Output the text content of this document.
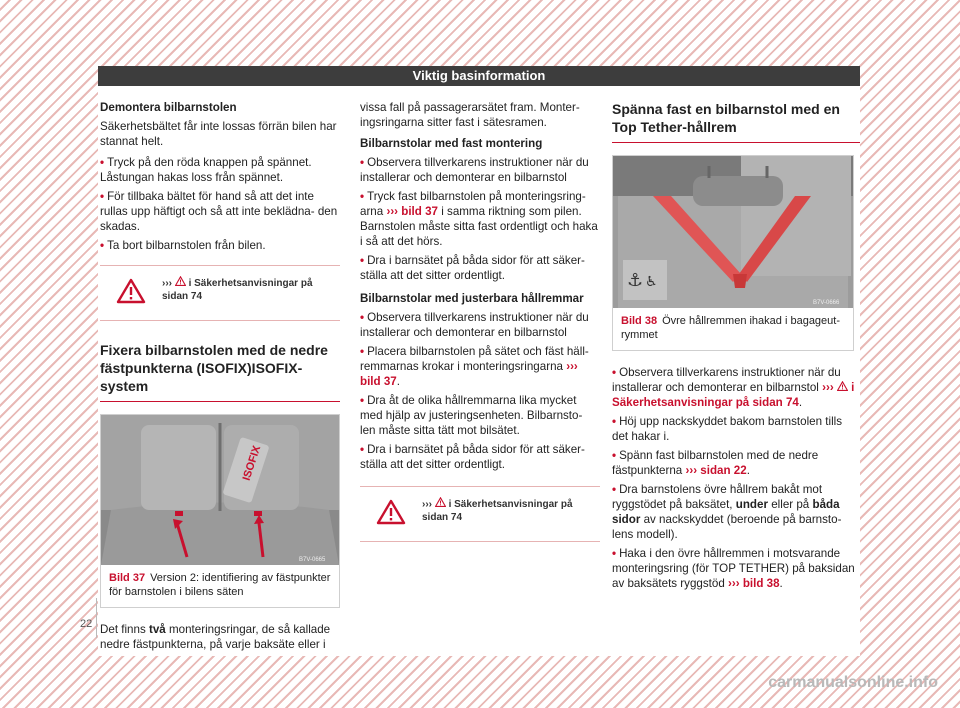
Viktig basinformation

Demontera bilbarnstolen

Säkerhetsbältet får inte lossas förrän bilen har stannat helt.

• Tryck på den röda knappen på spännet. Låstungan hakas loss från spännet.

• För tillbaka bältet för hand så att det inte rullas upp häftigt och så att inte beklädna- den skadas.

• Ta bort bilbarnstolen från bilen.

››› i Säkerhetsanvisningar på sidan 74
Fixera bilbarnstolen med de nedre fästpunkterna (ISOFIX)ISOFIX-system
ISOFIX
B7V-0665
Bild 37 Version 2: identifiering av fästpunkter för barnstolen i bilens säten

Det finns två monteringsringar, de så kallade nedre fästpunkterna, på varje baksäte eller i

vissa fall på passagerarsätet fram. Monter- ingsringarna sitter fast i sätesramen.

Bilbarnstolar med fast montering

• Observera tillverkarens instruktioner när du installerar och demonterar en bilbarnstol

• Tryck fast bilbarnstolen på monteringsring- arna ››› bild 37 i samma riktning som pilen. Barnstolen måste sitta fast ordentligt och haka i så att det hörs.

• Dra i barnsätet på båda sidor för att säker- ställa att det sitter ordentligt.

Bilbarnstolar med justerbara hållremmar

• Observera tillverkarens instruktioner när du installerar och demonterar en bilbarnstol

• Placera bilbarnstolen på sätet och fäst häll- remmarnas krokar i monteringsringarna ››› bild 37.

• Dra åt de olika hållremmarna lika mycket med hjälp av justeringsenheten. Bilbarnsto- len måste sitta tätt mot bilsätet.

• Dra i barnsätet på båda sidor för att säker- ställa att det sitter ordentligt.

››› i Säkerhetsanvisningar på sidan 74
Spänna fast en bilbarnstol med en Top Tether-hållrem
⚓ ♿
B7V-0666
Bild 38 Övre hållremmen ihakad i bagageut- rymmet

• Observera tillverkarens instruktioner när du installerar och demonterar en bilbarnstol ››› i Säkerhetsanvisningar på sidan 74.

• Höj upp nackskyddet bakom barnstolen tills det hakar i.

• Spänn fast bilbarnstolen med de nedre fästpunkterna ››› sidan 22.

• Dra barnstolens övre hållrem bakåt mot ryggstödet på baksätet, under eller på båda sidor av nackskyddet (beroende på barnsto- lens modell).

• Haka i den övre hållremmen i motsvarande monteringsring (för TOP TETHER) på baksidan av baksätets ryggstöd ››› bild 38.

22
carmanualsonline.info
